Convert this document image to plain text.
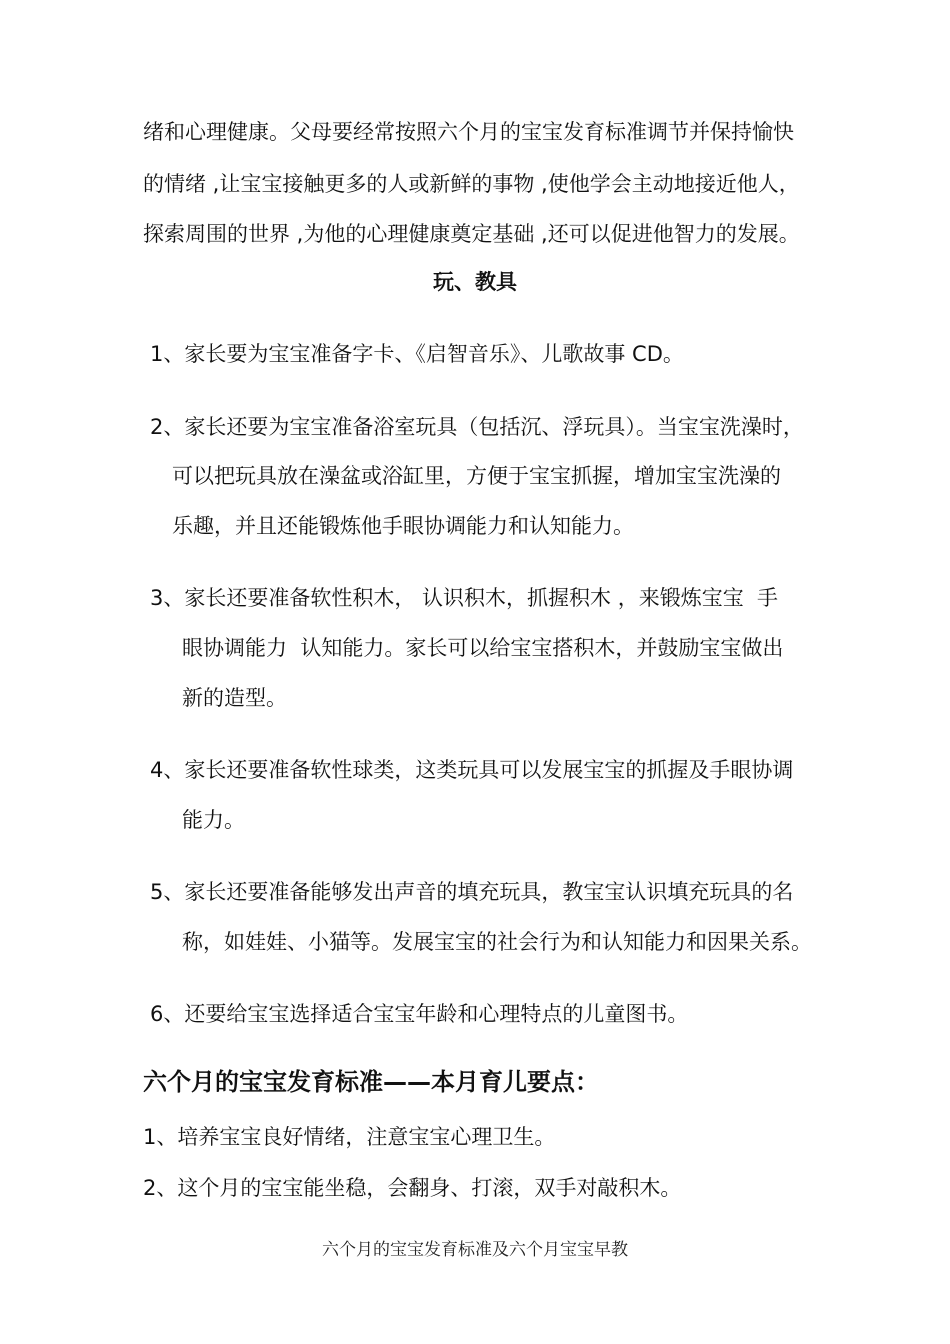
绪和心理健康。父母要经常按照六个月的宝宝发育标准调节并保持愉快
的情绪 ,让宝宝接触更多的人或新鲜的事物 ,使他学会主动地接近他人，
探索周围的世界 ,为他的心理健康奠定基础 ,还可以促进他智力的发展。
玩、教具
1、家长要为宝宝准备字卡、《启智音乐》、儿歌故事 CD。
2、家长还要为宝宝准备浴室玩具（包括沉、浮玩具）。当宝宝洗澡时，
可以把玩具放在澡盆或浴缸里，方便于宝宝抓握，增加宝宝洗澡的
乐趣，并且还能锻炼他手眼协调能力和认知能力。
3、家长还要准备软性积木， 认识积木，抓握积木 ，来锻炼宝宝  手
眼协调能力  认知能力。家长可以给宝宝搭积木，并鼓励宝宝做出
新的造型。
4、家长还要准备软性球类，这类玩具可以发展宝宝的抓握及手眼协调
能力。
5、家长还要准备能够发出声音的填充玩具，教宝宝认识填充玩具的名
称，如娃娃、小猫等。发展宝宝的社会行为和认知能力和因果关系。
6、还要给宝宝选择适合宝宝年龄和心理特点的儿童图书。
六个月的宝宝发育标准——本月育儿要点：
1、培养宝宝良好情绪，注意宝宝心理卫生。
2、这个月的宝宝能坐稳，会翻身、打滚，双手对敲积木。
六个月的宝宝发育标准及六个月宝宝早教
